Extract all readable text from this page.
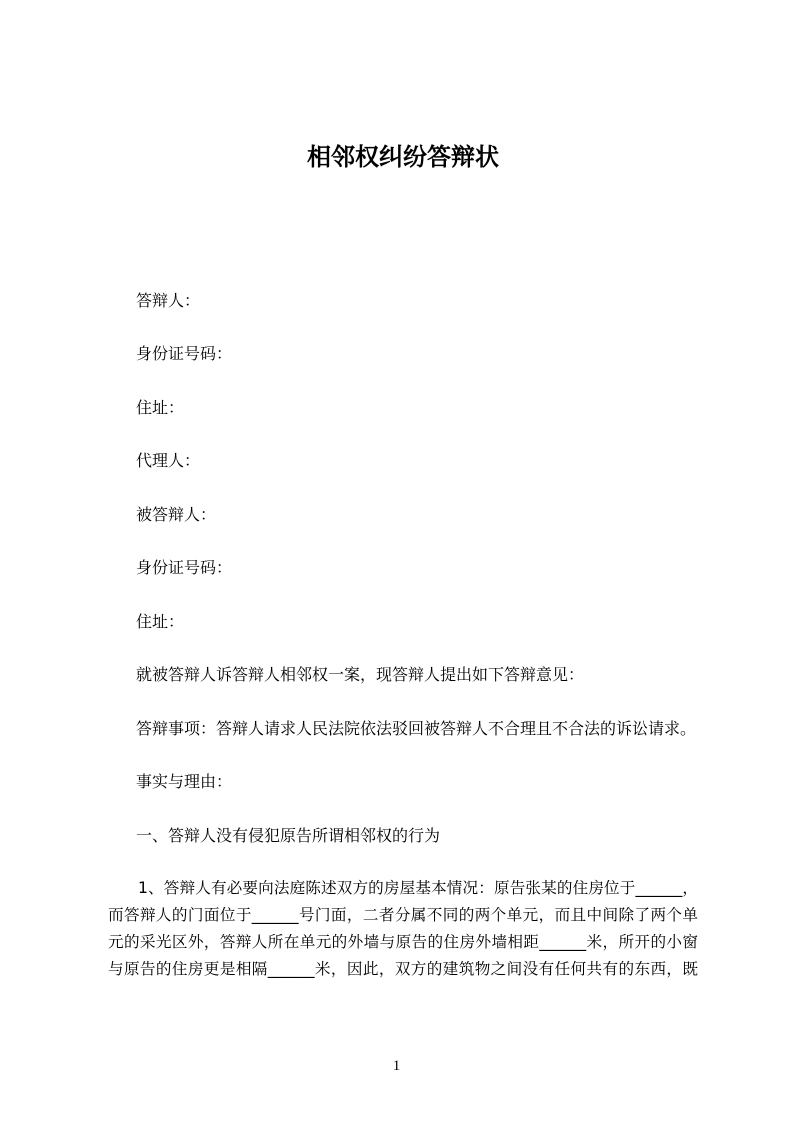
相邻权纠纷答辩状
答辩人：
身份证号码：
住址：
代理人：
被答辩人：
身份证号码：
住址：
就被答辩人诉答辩人相邻权一案，现答辩人提出如下答辩意见：
答辩事项：答辩人请求人民法院依法驳回被答辩人不合理且不合法的诉讼请求。
事实与理由：
一、答辩人没有侵犯原告所谓相邻权的行为
1、答辩人有必要向法庭陈述双方的房屋基本情况：原告张某的住房位于______，
而答辩人的门面位于______号门面，二者分属不同的两个单元，而且中间除了两个单
元的采光区外，答辩人所在单元的外墙与原告的住房外墙相距______米，所开的小窗
与原告的住房更是相隔______米，因此，双方的建筑物之间没有任何共有的东西，既
1
